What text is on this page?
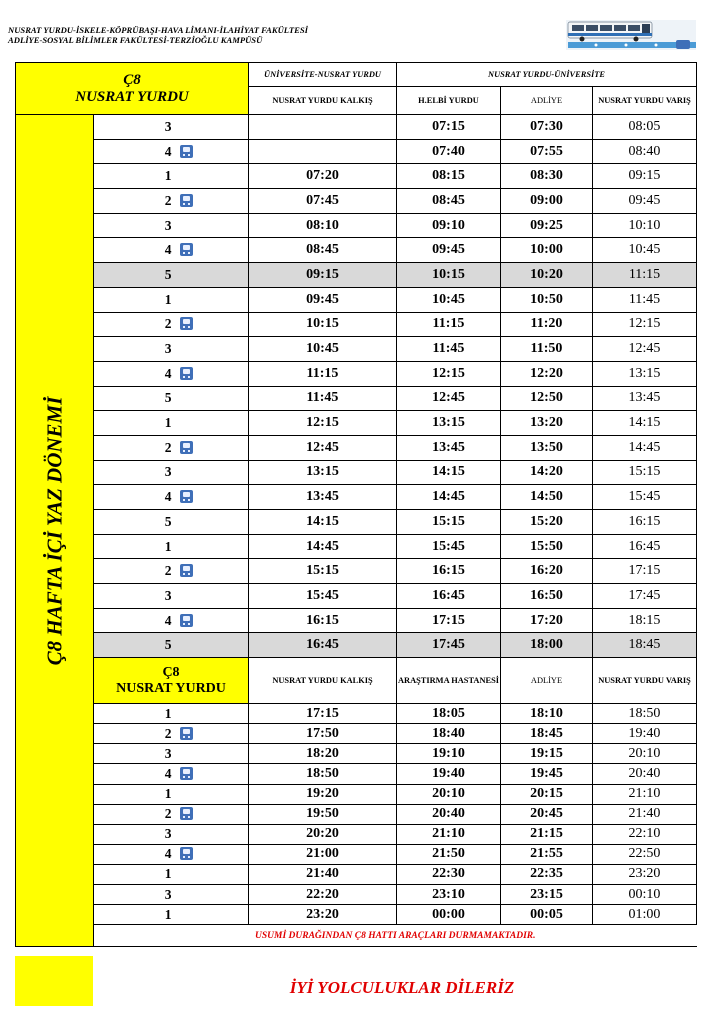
NUSRAT YURDU-İSKELE-KÖPRÜBAŞI-HAVA LİMANI-İLAHİYAT FAKÜLTESİ
ADLİYE-SOSYAL BİLİMLER FAKÜLTESİ-TERZİOĞLU KAMPÜSÜ
Ç8
NUSRAT YURDU		ÜNİVERSİTE-NUSRAT YURDU	NUSRAT YURDU-ÜNİVERSİTE		
		NUSRAT YURDU KALKIŞ	H.ELBİ YURDU	ADLİYE	NUSRAT YURDU VARIŞ

Ç8 HAFTA İÇİ YAZ DÖNEMİ	3		07:15	07:30	08:05
	4		07:40	07:55	08:40
	1	07:20	08:15	08:30	09:15
	2	07:45	08:45	09:00	09:45
	3	08:10	09:10	09:25	10:10
	4	08:45	09:45	10:00	10:45
	5	09:15	10:15	10:20	11:15
	1	09:45	10:45	10:50	11:45
	2	10:15	11:15	11:20	12:15
	3	10:45	11:45	11:50	12:45
	4	11:15	12:15	12:20	13:15
	5	11:45	12:45	12:50	13:45
	1	12:15	13:15	13:20	14:15
	2	12:45	13:45	13:50	14:45
	3	13:15	14:15	14:20	15:15
	4	13:45	14:45	14:50	15:45
	5	14:15	15:15	15:20	16:15
	1	14:45	15:45	15:50	16:45
	2	15:15	16:15	16:20	17:15
	3	15:45	16:45	16:50	17:45
	4	16:15	17:15	17:20	18:15
	5	16:45	17:45	18:00	18:45

	Ç8
NUSRAT YURDU	NUSRAT YURDU KALKIŞ	ARAŞTIRMA HASTANESİ	ADLİYE	NUSRAT YURDU VARIŞ
	1	17:15	18:05	18:10	18:50
	2	17:50	18:40	18:45	19:40
	3	18:20	19:10	19:15	20:10
	4	18:50	19:40	19:45	20:40
	1	19:20	20:10	20:15	21:10
	2	19:50	20:40	20:45	21:40
	3	20:20	21:10	21:15	22:10
	4	21:00	21:50	21:55	22:50
	1	21:40	22:30	22:35	23:20
	3	22:20	23:10	23:15	00:10
	1	23:20	00:00	00:05	01:00
	USUMİ DURAĞINDAN Ç8 HATTI ARAÇLARI DURMAMAKTADIR.				
İYİ YOLCULUKLAR DİLERİZ
